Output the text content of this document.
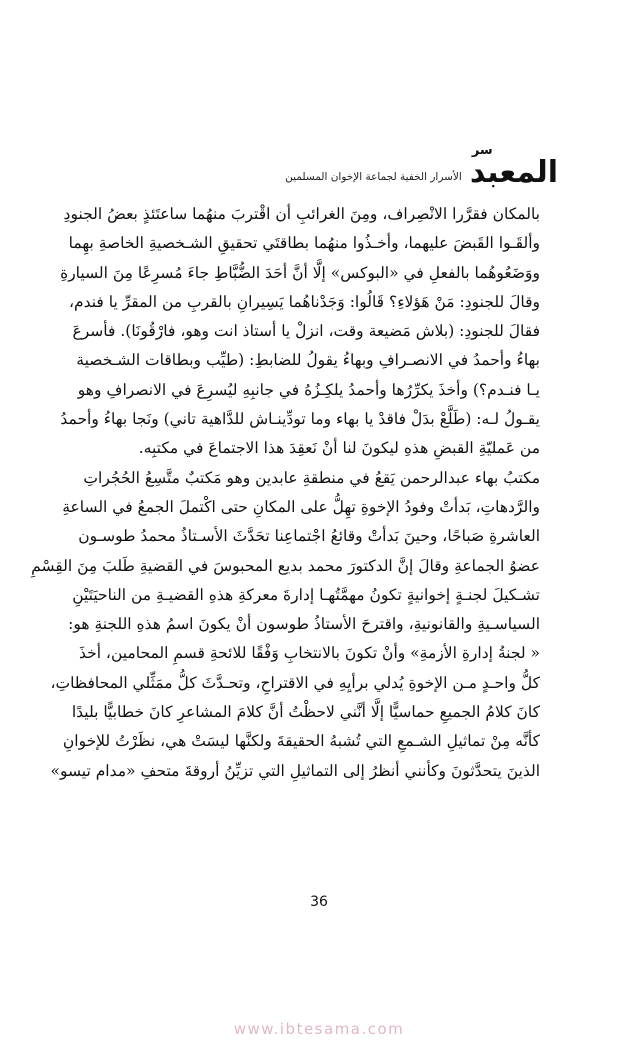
سر
المعبد
الأسرار الخفية لجماعة الإخوان المسلمين
بالمكان فقرَّرا الانْصِراف، ومِنَ الغرائبِ أن اقْتربَ منهُما ساعتَئذٍ بعضُ الجنودِ
وألقَـوا القَبضَ عليهما، وأخـذُوا منهُما بطاقتَي تحقيقِ الشـخصيةِ الخاصةِ بهِما
ووَضَعُوهُما بالفعلِ في «البوكس» إلَّا أنَّ أحَدَ الضُّبَّاطِ جاءَ مُسرِعًا مِنَ السيارةِ
وقالَ للجنودِ: مَنْ هَؤلاءِ؟ قَالُوا: وَجَدْناهُما يَسِيرانِ بالقربِ من المقرِّ يا فندم،
فقالَ للجنودِ: (بلاش مَضيعة وقت، انزلْ يا أستاذ انت وهو، فارْقُونَا). فأسرعَ
بهاءُ وأحمدُ في الانصـرافِ وبهاءُ يقولُ للضابطِ: (طيِّب وبطاقات الشـخصية
يـا فنـدم؟) وأخذَ يكرِّرُها وأحمدُ يلكِـزُهُ في جانبِهِ ليُسرِعَ في الانصرافِ وهو
يقـولُ لـه: (طَلَّعْ بدَلْ فاقدْ يا بهاء وما تودِّينـاش للدَّاهية تاني) ونَجا بهاءُ وأحمدُ
من عَمليّةِ القبضِ هذهِ ليكونَ لنا أنْ نَعقِدَ هذا الاجتماعَ في مكتبِه.
مكتبُ بهاء عبدالرحمن يَقعُ في منطقةِ عابدين وهو مَكتبٌ متَّسِعُ الحُجُراتِ
والرَّدهاتِ، بَدأتْ وفودُ الإخوةِ تهِلُّ على المكانِ حتى اكْتملَ الجمعُ في الساعةِ
العاشرةِ صَباحًا، وحينَ بَدأتْ وقائعُ اجْتماعِنا تحَدَّثَ الأسـتاذُ محمدُ طوسـون
عضوُ الجماعةِ وقالَ إنَّ الدكتورَ محمد بديع المحبوسَ في القضيةِ طَلبَ مِنَ القِسْمِ
تشـكيلَ لجنـةٍ إخوانيةٍ تكونُ مهمَّتُهـا إدارةَ معركةِ هذهِ القضيـةِ من الناحيَتَيْنِ
السياسـيةِ والقانونيةِ، واقترحَ الأستاذُ طوسون أنْ يكونَ اسمُ هذهِ اللجنةِ هو:
« لجنةُ إدارةِ الأزمةِ» وأنْ تكونَ بالانتخابِ وَفْقًا للائحةِ قسمِ المحامين، أخذَ
كلُّ واحـدٍ مـن الإخوةِ يُدلي برأيِهِ في الاقتراحِ، وتحـدَّثَ كلُّ ممَثِّلي المحافظاتِ،
كانَ كلامُ الجميعِ حماسيًّا إلَّا أنَّني لاحظْتُ أنَّ كلامَ المشاعرِ كانَ خطابيًّا بليدًا
كأنَّه مِنْ تماثيلِ الشـمعِ التي تُشبهُ الحقيقةَ ولكنَّها ليسَتْ هي، نظَرْتُ للإخوانِ
الذينَ يتحدَّثونَ وكأنني أنظرُ إلى التماثيلِ التي تزيِّنُ أروقةَ متحفِ «مدام تيسو»
36
www.ibtesama.com
